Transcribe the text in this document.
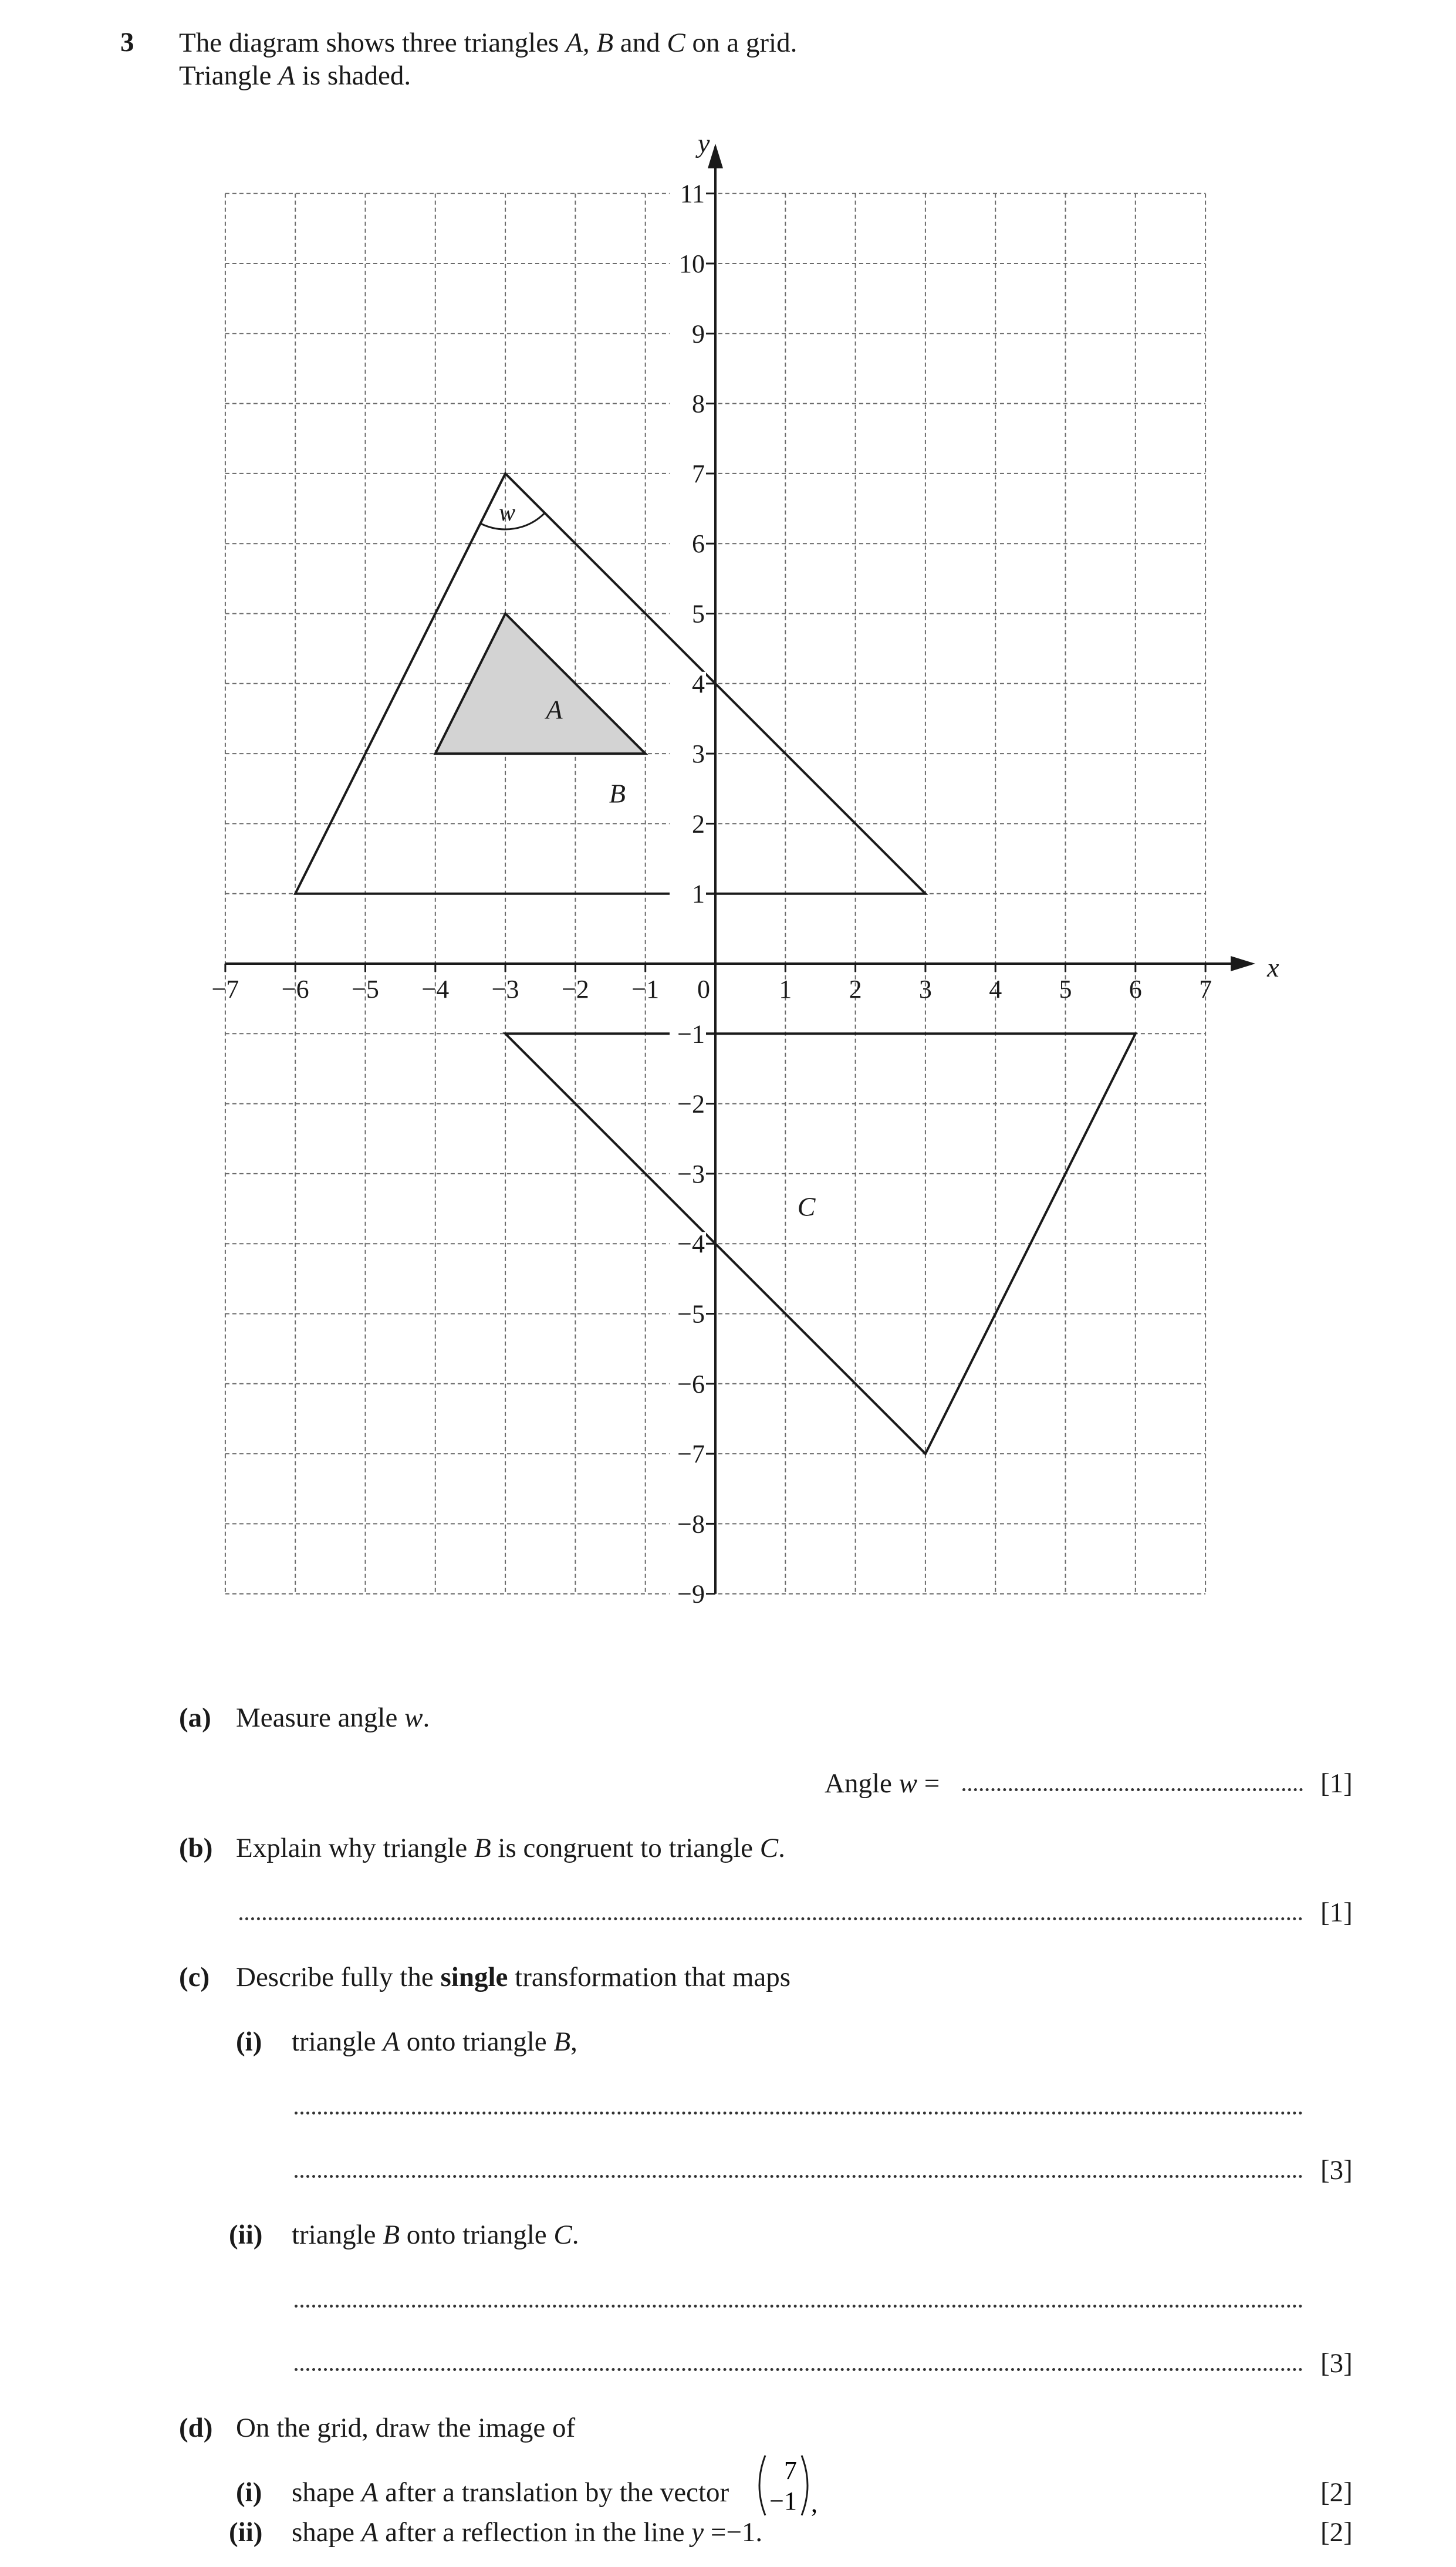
3 The diagram shows three triangles A, B and C on a grid.
Triangle A is shaded.
A
B
C
w
−7 −6 −5 −4 −3 −2 −1 0	1 2 3 4 5 6 7
1
2
3
4
5
6
7
8
9
10
11
−1
−2
−3
−4
−5
−6
−7
−8
−9
x
y
(a) Measure angle w.
Angle w =	[1]
(b) Explain why triangle B is congruent to triangle C.
[1]
(c) Describe fully the single transformation that maps
(i) triangle A onto triangle B,
[3]
(ii) triangle B onto triangle C.
[3]
(d) On the grid, draw the image of
(i) shape A after a translation by the vector
7
−1 ,	[2]
(ii) shape A after a reflection in the line y =−1.	[2]
